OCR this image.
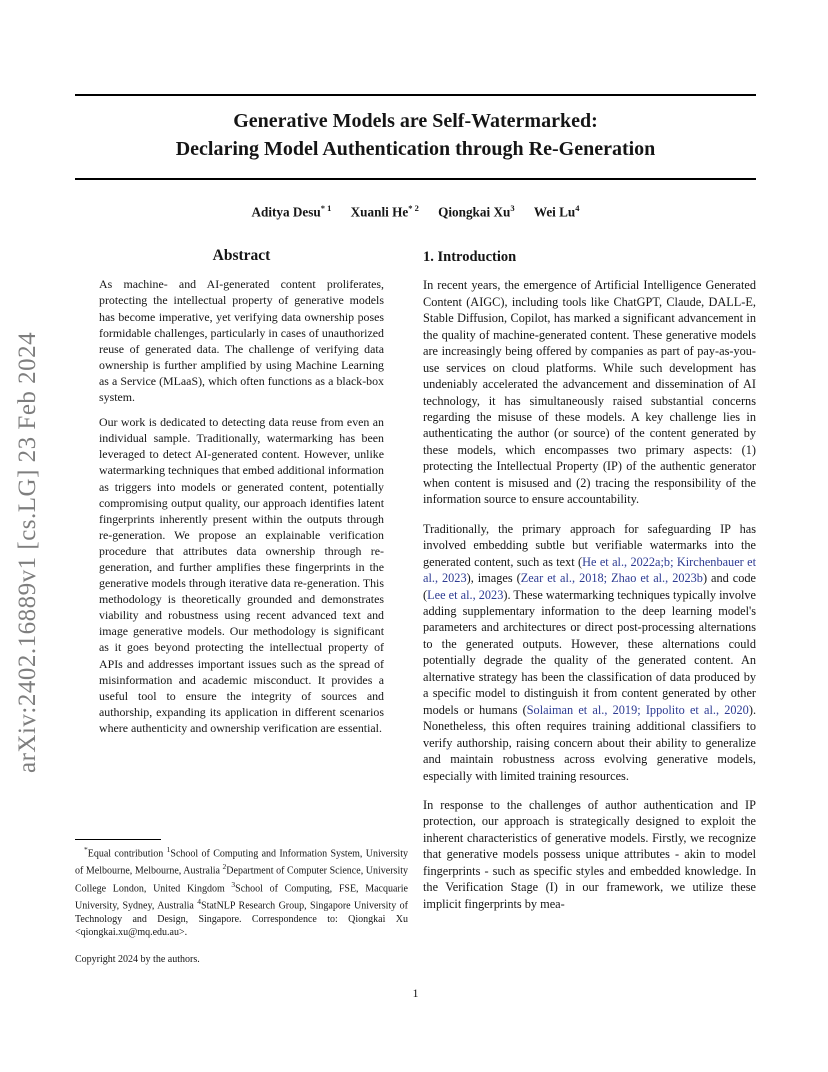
arXiv:2402.16889v1 [cs.LG] 23 Feb 2024
Generative Models are Self-Watermarked:
Declaring Model Authentication through Re-Generation
Aditya Desu$^{* 1}$ Xuanli He$^{* 2}$ Qiongkai Xu$^3$ Wei Lu$^4$
Abstract

As machine- and AI-generated content proliferates, protecting the intellectual property of generative models has become imperative, yet verifying data ownership poses formidable challenges, particularly in cases of unauthorized reuse of generated data. The challenge of verifying data ownership is further amplified by using Machine Learning as a Service (MLaaS), which often functions as a black-box system.

Our work is dedicated to detecting data reuse from even an individual sample. Traditionally, watermarking has been leveraged to detect AI-generated content. However, unlike watermarking techniques that embed additional information as triggers into models or generated content, potentially compromising output quality, our approach identifies latent fingerprints inherently present within the outputs through re-generation. We propose an explainable verification procedure that attributes data ownership through re-generation, and further amplifies these fingerprints in the generative models through iterative data re-generation. This methodology is theoretically grounded and demonstrates viability and robustness using recent advanced text and image generative models. Our methodology is significant as it goes beyond protecting the intellectual property of APIs and addresses important issues such as the spread of misinformation and academic misconduct. It provides a useful tool to ensure the integrity of sources and authorship, expanding its application in different scenarios where authenticity and ownership verification are essential.

*Equal contribution $^1$School of Computing and Information System, University of Melbourne, Melbourne, Australia $^2$Department of Computer Science, University College London, United Kingdom $^3$School of Computing, FSE, Macquarie University, Sydney, Australia $^4$StatNLP Research Group, Singapore University of Technology and Design, Singapore. Correspondence to: Qiongkai Xu <qiongkai.xu@mq.edu.au>.

Copyright 2024 by the authors.

1. Introduction

In recent years, the emergence of Artificial Intelligence Generated Content (AIGC), including tools like ChatGPT, Claude, DALL-E, Stable Diffusion, Copilot, has marked a significant advancement in the quality of machine-generated content. These generative models are increasingly being offered by companies as part of pay-as-you-use services on cloud platforms. While such development has undeniably accelerated the advancement and dissemination of AI technology, it has simultaneously raised substantial concerns regarding the misuse of these models. A key challenge lies in authenticating the author (or source) of the content generated by these models, which encompasses two primary aspects: (1) protecting the Intellectual Property (IP) of the authentic generator when content is misused and (2) tracing the responsibility of the information source to ensure accountability.

Traditionally, the primary approach for safeguarding IP has involved embedding subtle but verifiable watermarks into the generated content, such as text (He et al., 2022a;b; Kirchenbauer et al., 2023), images (Zear et al., 2018; Zhao et al., 2023b) and code (Lee et al., 2023). These watermarking techniques typically involve adding supplementary information to the deep learning model's parameters and architectures or direct post-processing alternations to the generated outputs. However, these alternations could potentially degrade the quality of the generated content. An alternative strategy has been the classification of data produced by a specific model to distinguish it from content generated by other models or humans (Solaiman et al., 2019; Ippolito et al., 2020). Nonetheless, this often requires training additional classifiers to verify authorship, raising concern about their ability to generalize and maintain robustness across evolving generative models, especially with limited training resources.

In response to the challenges of author authentication and IP protection, our approach is strategically designed to exploit the inherent characteristics of generative models. Firstly, we recognize that generative models possess unique attributes - akin to model fingerprints - such as specific styles and embedded knowledge. In the Verification Stage (I) in our framework, we utilize these implicit fingerprints by mea-

1
